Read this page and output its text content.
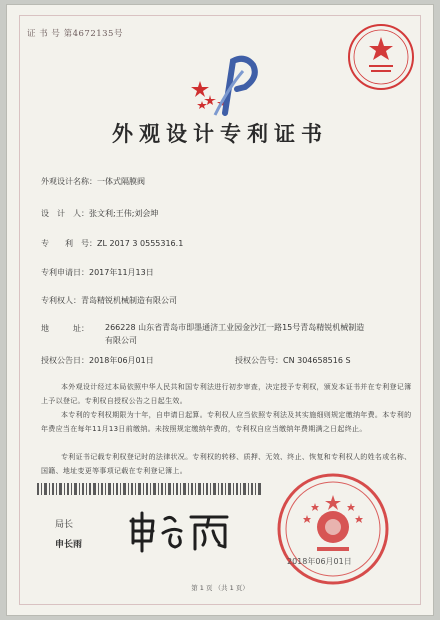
证 书 号 第4672135号
外观设计专利证书
外观设计名称：一体式隔膜阀
设　计　人：张文利;王伟;刘会坤
专　　利　号：ZL 2017 3 0555316.1
专利申请日：2017年11月13日
专利权人：青岛精锐机械制造有限公司
地　　　址： 266228 山东省青岛市即墨通济工业园金沙江一路15号青岛精锐机械制造有限公司
授权公告日：2018年06月01日	授权公告号：CN 304658516 S
本外观设计经过本局依照中华人民共和国专利法进行初步审查，决定授予专利权，颁发本证书并在专利登记簿上予以登记。专利权自授权公告之日起生效。
本专利的专利权期限为十年，自申请日起算。专利权人应当依照专利法及其实施细则规定缴纳年费。本专利的年费应当在每年11月13日前缴纳。未按照规定缴纳年费的，专利权自应当缴纳年费期满之日起终止。
专利证书记载专利权登记时的法律状况。专利权的转移、质押、无效、终止、恢复和专利权人的姓名或名称、国籍、地址变更等事项记载在专利登记簿上。
局长
申长雨
2018年06月01日
第 1 页 （共 1 页）
